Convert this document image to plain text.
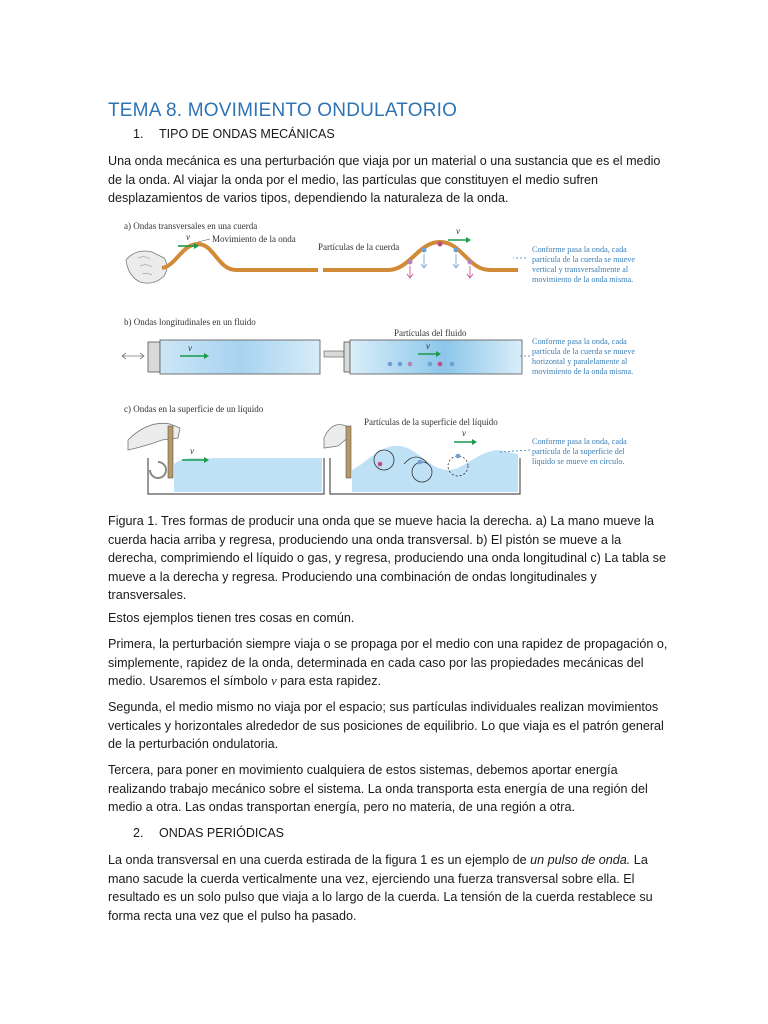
TEMA 8. MOVIMIENTO ONDULATORIO
1. TIPO DE ONDAS MECÁNICAS

Una onda mecánica es una perturbación que viaja por un material o una sustancia que es el medio de la onda. Al viajar la onda por el medio, las partículas que constituyen el medio sufren desplazamientos de varios tipos, dependiendo la naturaleza de la onda.

a) Ondas transversales en una cuerda
v Movimiento de la onda
Partículas de la cuerda
v
Conforme pasa la onda, cada
partícula de la cuerda se mueve
vertical y transversalmente al
movimiento de la onda misma.
b) Ondas longitudinales en un fluido
v
Partículas del fluido
v	Conforme pasa la onda, cada
partícula de la cuerda se mueve
horizontal y paralelamente al
movimiento de la onda misma.
c) Ondas en la superficie de un líquido
v
Partículas de la superficie del líquido
v
Conforme pasa la onda, cada
partícula de la superficie del
líquido se mueve en círculo.

Figura 1. Tres formas de producir una onda que se mueve hacia la derecha. a) La mano mueve la cuerda hacia arriba y regresa, produciendo una onda transversal. b) El pistón se mueve a la derecha, comprimiendo el líquido o gas, y regresa, produciendo una onda longitudinal c) La tabla se mueve a la derecha y regresa. Produciendo una combinación de ondas longitudinales y transversales.

Estos ejemplos tienen tres cosas en común.

Primera, la perturbación siempre viaja o se propaga por el medio con una rapidez de propagación o, simplemente, rapidez de la onda, determinada en cada caso por las propiedades mecánicas del medio. Usaremos el símbolo v para esta rapidez.

Segunda, el medio mismo no viaja por el espacio; sus partículas individuales realizan movimientos verticales y horizontales alrededor de sus posiciones de equilibrio. Lo que viaja es el patrón general de la perturbación ondulatoria.

Tercera, para poner en movimiento cualquiera de estos sistemas, debemos aportar energía realizando trabajo mecánico sobre el sistema. La onda transporta esta energía de una región del medio a otra. Las ondas transportan energía, pero no materia, de una región a otra.

2. ONDAS PERIÓDICAS

La onda transversal en una cuerda estirada de la figura 1 es un ejemplo de un pulso de onda. La mano sacude la cuerda verticalmente una vez, ejerciendo una fuerza transversal sobre ella. El resultado es un solo pulso que viaja a lo largo de la cuerda. La tensión de la cuerda restablece su forma recta una vez que el pulso ha pasado.
